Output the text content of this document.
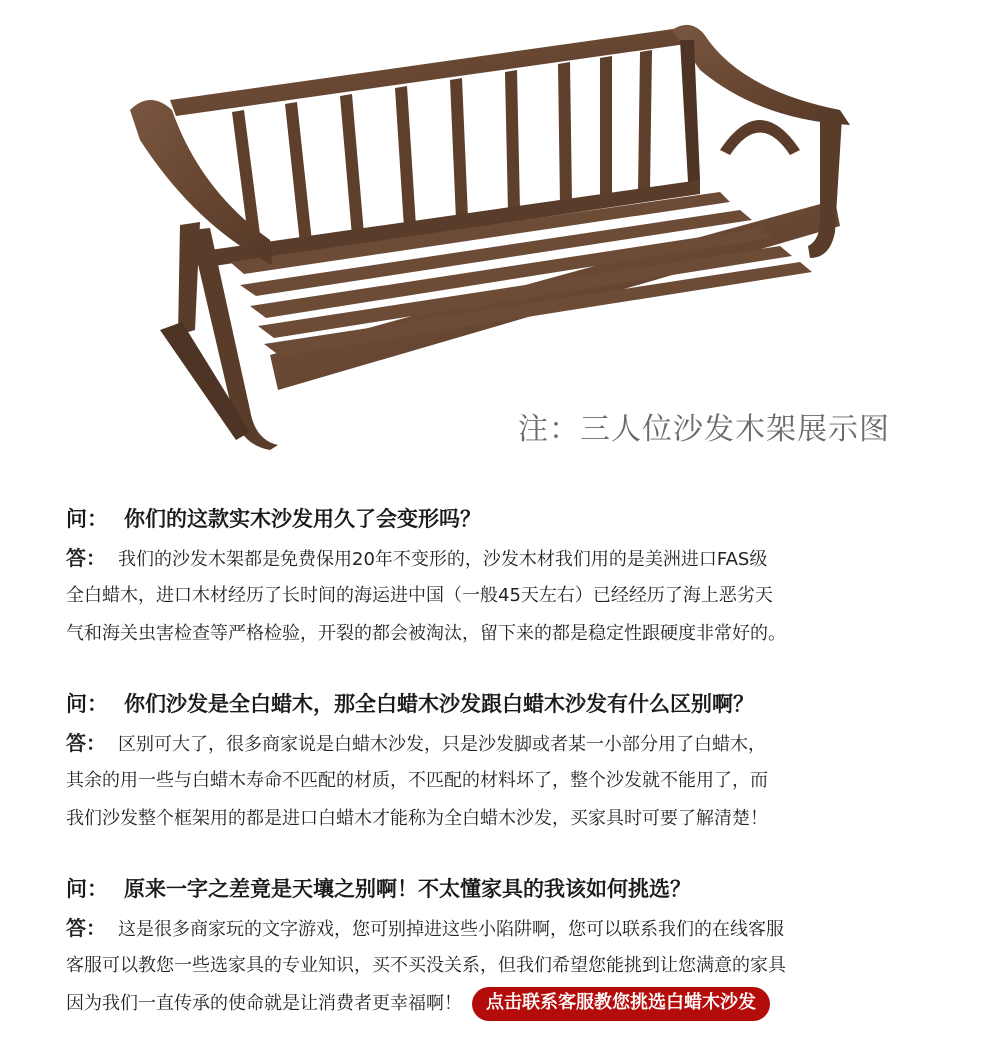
注：三人位沙发木架展示图
问： 你们的这款实木沙发用久了会变形吗？
答： 我们的沙发木架都是免费保用20年不变形的，沙发木材我们用的是美洲进口FAS级
全白蜡木，进口木材经历了长时间的海运进中国（一般45天左右）已经经历了海上恶劣天
气和海关虫害检查等严格检验，开裂的都会被淘汰，留下来的都是稳定性跟硬度非常好的。
问： 你们沙发是全白蜡木，那全白蜡木沙发跟白蜡木沙发有什么区别啊？
答： 区别可大了，很多商家说是白蜡木沙发，只是沙发脚或者某一小部分用了白蜡木，
其余的用一些与白蜡木寿命不匹配的材质，不匹配的材料坏了，整个沙发就不能用了，而
我们沙发整个框架用的都是进口白蜡木才能称为全白蜡木沙发，买家具时可要了解清楚！
问： 原来一字之差竟是天壤之别啊！不太懂家具的我该如何挑选？
答： 这是很多商家玩的文字游戏，您可别掉进这些小陷阱啊，您可以联系我们的在线客服
客服可以教您一些选家具的专业知识，买不买没关系，但我们希望您能挑到让您满意的家具
因为我们一直传承的使命就是让消费者更幸福啊！ 点击联系客服教您挑选白蜡木沙发
